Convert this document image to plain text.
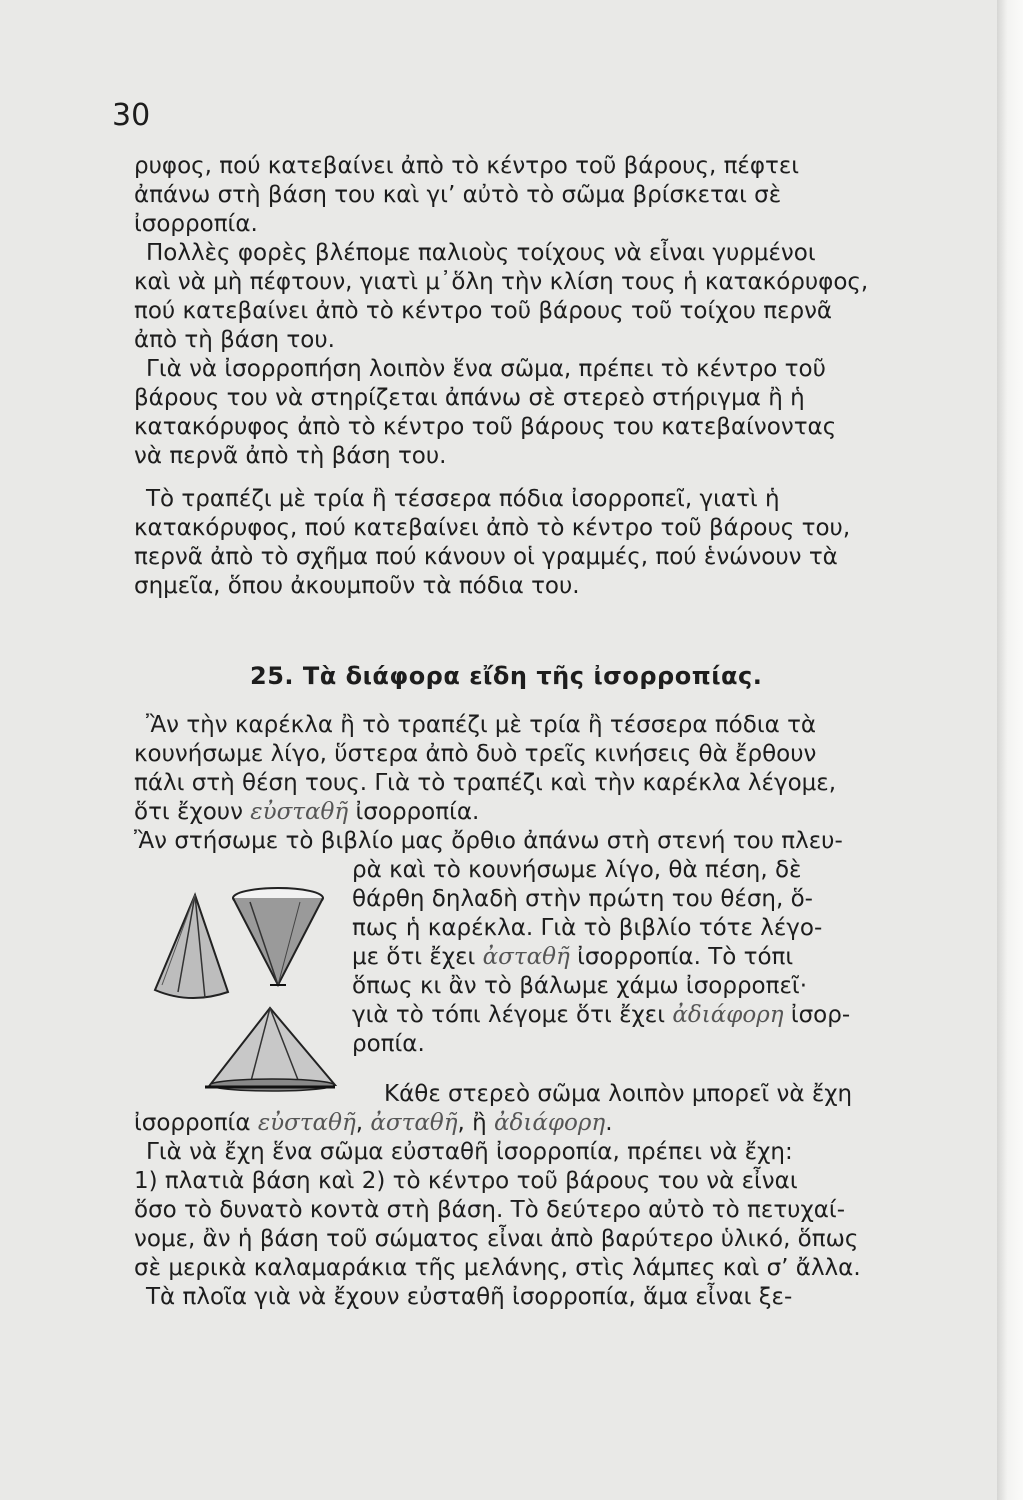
30

ρυφος, πού κατεβαίνει ἀπὸ τὸ κέντρο τοῦ βάρους, πέφτει

ἀπάνω στὴ βάση του καὶ γι’ αὐτὸ τὸ σῶμα βρίσκεται σὲ

ἰσορροπία.

Πολλὲς φορὲς βλέπομε παλιοὺς τοίχους νὰ εἶναι γυρμένοι

καὶ νὰ μὴ πέφτουν, γιατὶ μ᾽ὅλη τὴν κλίση τους ἡ κατακόρυφος,

πού κατεβαίνει ἀπὸ τὸ κέντρο τοῦ βάρους τοῦ τοίχου περνᾶ

ἀπὸ τὴ βάση του.

Γιὰ νὰ ἰσορροπήση λοιπὸν ἕνα σῶμα, πρέπει τὸ κέντρο τοῦ

βάρους του νὰ στηρίζεται ἀπάνω σὲ στερεὸ στήριγμα ἢ ἡ

κατακόρυφος ἀπὸ τὸ κέντρο τοῦ βάρους του κατεβαίνοντας

νὰ περνᾶ ἀπὸ τὴ βάση του.

Τὸ τραπέζι μὲ τρία ἢ τέσσερα πόδια ἰσορροπεῖ, γιατὶ ἡ

κατακόρυφος, πού κατεβαίνει ἀπὸ τὸ κέντρο τοῦ βάρους του,

περνᾶ ἀπὸ τὸ σχῆμα πού κάνουν οἱ γραμμές, πού ἑνώνουν τὰ

σημεῖα, ὅπου ἀκουμποῦν τὰ πόδια του.

25. Τὰ διάφορα εἴδη τῆς ἰσορροπίας.

Ἂν τὴν καρέκλα ἢ τὸ τραπέζι μὲ τρία ἢ τέσσερα πόδια τὰ

κουνήσωμε λίγο, ὕστερα ἀπὸ δυὸ τρεῖς κινήσεις θὰ ἔρθουν

πάλι στὴ θέση τους. Γιὰ τὸ τραπέζι καὶ τὴν καρέκλα λέγομε,

ὅτι ἔχουν εὐσταθῆ ἰσορροπία.

Ἂν στήσωμε τὸ βιβλίο μας ὄρθιο ἀπάνω στὴ στενή του πλευ-

ρὰ καὶ τὸ κουνήσωμε λίγο, θὰ πέση, δὲ

θάρθη δηλαδὴ στὴν πρώτη του θέση, ὅ-

πως ἡ καρέκλα. Γιὰ τὸ βιβλίο τότε λέγο-

με ὅτι ἔχει ἀσταθῆ ἰσορροπία. Τὸ τόπι

ὅπως κι ἂν τὸ βάλωμε χάμω ἰσορροπεῖ·

γιὰ τὸ τόπι λέγομε ὅτι ἔχει ἀδιάφορη ἰσορ-

ροπία.

Κάθε στερεὸ σῶμα λοιπὸν μπορεῖ νὰ ἔχη

ἰσορροπία εὐσταθῆ, ἀσταθῆ, ἢ ἀδιάφορη.

Γιὰ νὰ ἔχη ἕνα σῶμα εὐσταθῆ ἰσορροπία, πρέπει νὰ ἔχη:

1) πλατιὰ βάση καὶ 2) τὸ κέντρο τοῦ βάρους του νὰ εἶναι

ὅσο τὸ δυνατὸ κοντὰ στὴ βάση. Τὸ δεύτερο αὐτὸ τὸ πετυχαί-

νομε, ἂν ἡ βάση τοῦ σώματος εἶναι ἀπὸ βαρύτερο ὑλικό, ὅπως

σὲ μερικὰ καλαμαράκια τῆς μελάνης, στὶς λάμπες καὶ σ’ ἄλλα.

Τὰ πλοῖα γιὰ νὰ ἔχουν εὐσταθῆ ἰσορροπία, ἅμα εἶναι ξε-
